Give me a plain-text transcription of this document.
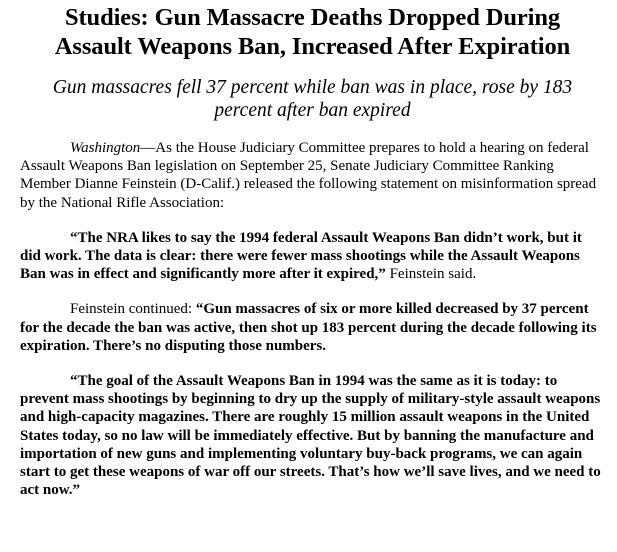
Studies: Gun Massacre Deaths Dropped During
Assault Weapons Ban, Increased After Expiration

Gun massacres fell 37 percent while ban was in place, rose by 183
percent after ban expired

Washington—As the House Judiciary Committee prepares to hold a hearing on federal Assault Weapons Ban legislation on September 25, Senate Judiciary Committee Ranking Member Dianne Feinstein (D-Calif.) released the following statement on misinformation spread by the National Rifle Association:

“The NRA likes to say the 1994 federal Assault Weapons Ban didn’t work, but it did work. The data is clear: there were fewer mass shootings while the Assault Weapons Ban was in effect and significantly more after it expired,” Feinstein said.

Feinstein continued: “Gun massacres of six or more killed decreased by 37 percent for the decade the ban was active, then shot up 183 percent during the decade following its expiration. There’s no disputing those numbers.

“The goal of the Assault Weapons Ban in 1994 was the same as it is today: to prevent mass shootings by beginning to dry up the supply of military-style assault weapons and high-capacity magazines. There are roughly 15 million assault weapons in the United States today, so no law will be immediately effective. But by banning the manufacture and importation of new guns and implementing voluntary buy-back programs, we can again start to get these weapons of war off our streets. That’s how we’ll save lives, and we need to act now.”
